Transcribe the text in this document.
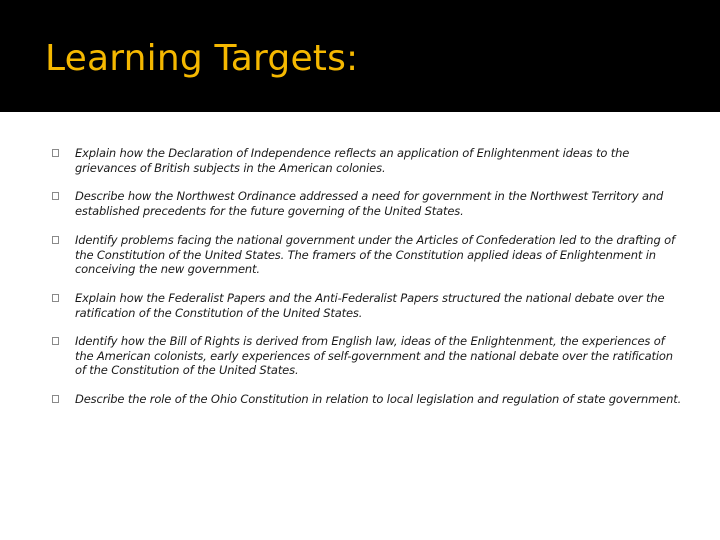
Learning Targets:
Explain how the Declaration of Independence reflects an application of Enlightenment ideas to the grievances of British subjects in the American colonies.
Describe how the Northwest Ordinance addressed a need for government in the Northwest Territory and established precedents for the future governing of the United States.
Identify problems facing the national government under the Articles of Confederation led to the drafting of the Constitution of the United States. The framers of the Constitution applied ideas of Enlightenment in conceiving the new government.
Explain how the Federalist Papers and the Anti-Federalist Papers structured the national debate over the ratification of the Constitution of the United States.
Identify how the Bill of Rights is derived from English law, ideas of the Enlightenment, the experiences of the American colonists, early experiences of self-government and the national debate over the ratification of the Constitution of the United States.
Describe the role of the Ohio Constitution in relation to local legislation and regulation of state government.
